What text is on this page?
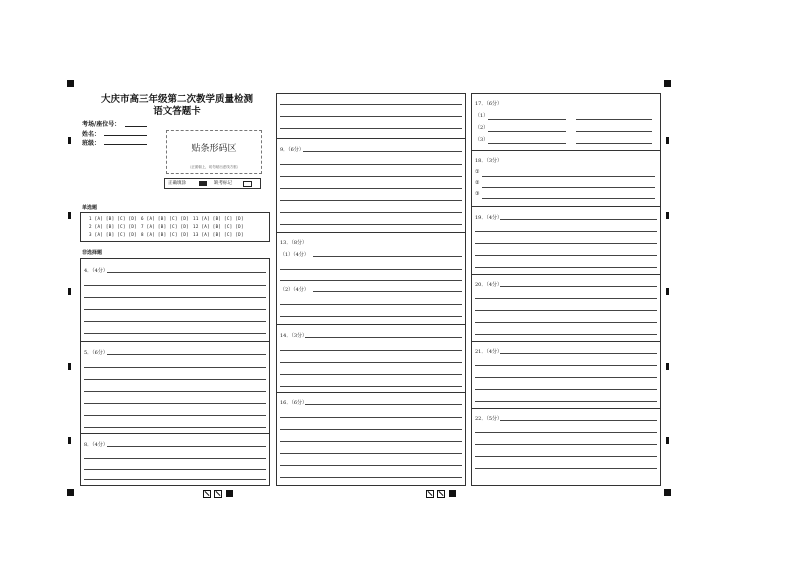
大庆市高三年级第二次教学质量检测
语文答题卡
考场/座位号：
姓名：
班级：
贴条形码区
（正面朝上，切勿贴出虚线方框）
正确填涂	缺考标记
单选题
1 [A] [B] [C] [D] 6 [A] [B] [C] [D] 11 [A] [B] [C] [D]
2 [A] [B] [C] [D] 7 [A] [B] [C] [D] 12 [A] [B] [C] [D]
3 [A] [B] [C] [D] 8 [A] [B] [C] [D] 13 [A] [B] [C] [D]
非选择题
4．（4分）
5．（6分）
8．（4分）
9．（6分）
13．（8分）
（1）（4分）
（2）（4分）
14．（3分）
16．（6分）
17．（6分）
（1）
（2）
（3）
18．（3分）
①
②
③
19．（4分）
20．（4分）
21．（4分）
22．（5分）
